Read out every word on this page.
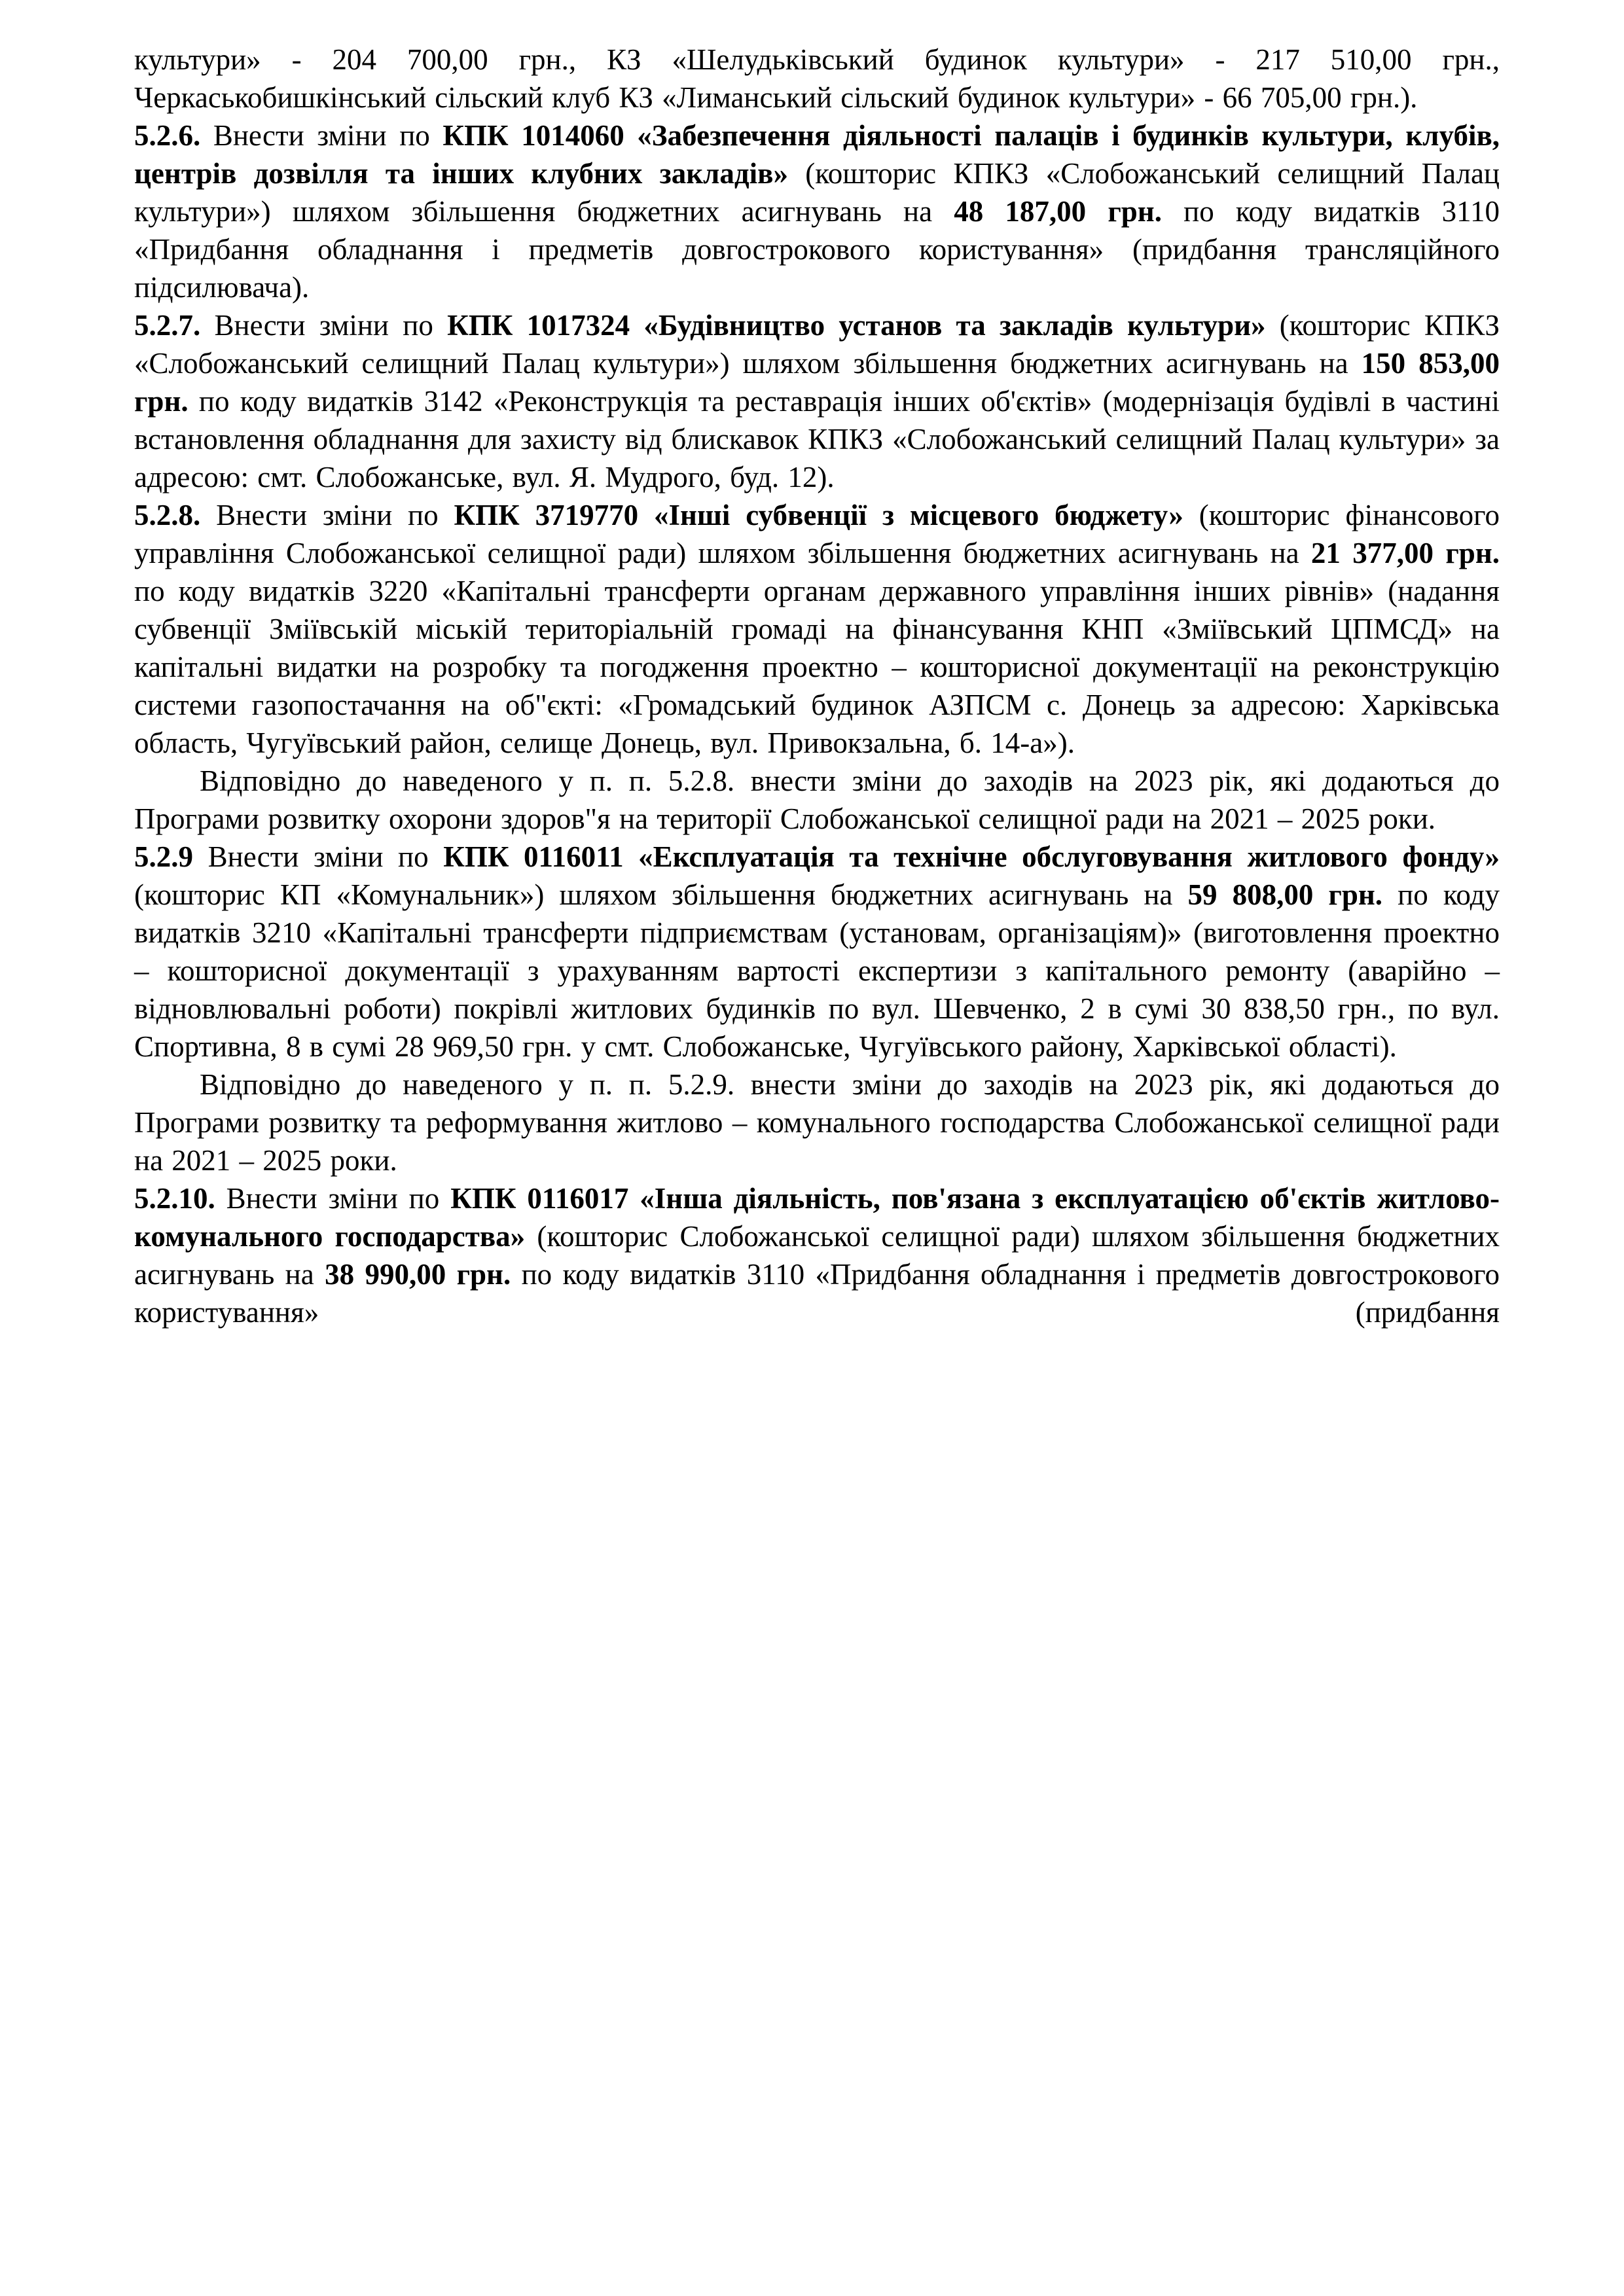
культури» - 204 700,00 грн., КЗ «Шелудьківський будинок культури» - 217 510,00 грн., Черкаськобишкінський сільский клуб КЗ «Лиманський сільский будинок культури» - 66 705,00 грн.).

5.2.6. Внести зміни по КПК 1014060 «Забезпечення діяльності палаців і будинків культури, клубів, центрів дозвілля та інших клубних закладів» (кошторис КПКЗ «Слобожанський селищний Палац культури») шляхом збільшення бюджетних асигнувань на 48 187,00 грн. по коду видатків 3110 «Придбання обладнання і предметів довгострокового користування» (придбання трансляційного підсилювача).

5.2.7. Внести зміни по КПК 1017324 «Будівництво установ та закладів культури» (кошторис КПКЗ «Слобожанський селищний Палац культури») шляхом збільшення бюджетних асигнувань на 150 853,00 грн. по коду видатків 3142 «Реконструкція та реставрація інших об'єктів» (модернізація будівлі в частині встановлення обладнання для захисту від блискавок КПКЗ «Слобожанський селищний Палац культури» за адресою: смт. Слобожанське, вул. Я. Мудрого, буд. 12).

5.2.8. Внести зміни по КПК 3719770 «Інші субвенції з місцевого бюджету» (кошторис фінансового управління Слобожанської селищної ради) шляхом збільшення бюджетних асигнувань на 21 377,00 грн. по коду видатків 3220 «Капітальні трансферти органам державного управління інших рівнів» (надання субвенції Зміївській міській територіальній громаді на фінансування КНП «Зміївський ЦПМСД» на капітальні видатки на розробку та погодження проектно – кошторисної документації на реконструкцію системи газопостачання на об"єкті: «Громадський будинок АЗПСМ с. Донець за адресою: Харківська область, Чугуївський район, селище Донець, вул. Привокзальна, б. 14-а»).

Відповідно до наведеного у п. п. 5.2.8. внести зміни до заходів на 2023 рік, які додаються до Програми розвитку охорони здоров"я на території Слобожанської селищної ради на 2021 – 2025 роки.

5.2.9 Внести зміни по КПК 0116011 «Експлуатація та технічне обслуговування житлового фонду» (кошторис КП «Комунальник») шляхом збільшення бюджетних асигнувань на 59 808,00 грн. по коду видатків 3210 «Капітальні трансферти підприємствам (установам, організаціям)» (виготовлення проектно – кошторисної документації з урахуванням вартості експертизи з капітального ремонту (аварійно – відновлювальні роботи) покрівлі житлових будинків по вул. Шевченко, 2 в сумі 30 838,50 грн., по вул. Спортивна, 8 в сумі 28 969,50 грн. у смт. Слобожанське, Чугуївського району, Харківської області).

Відповідно до наведеного у п. п. 5.2.9. внести зміни до заходів на 2023 рік, які додаються до Програми розвитку та реформування житлово – комунального господарства Слобожанської селищної ради на 2021 – 2025 роки.

5.2.10. Внести зміни по КПК 0116017 «Інша діяльність, пов'язана з експлуатацією об'єктів житлово-комунального господарства» (кошторис Слобожанської селищної ради) шляхом збільшення бюджетних асигнувань на 38 990,00 грн. по коду видатків 3110 «Придбання обладнання і предметів довгострокового користування» (придбання
